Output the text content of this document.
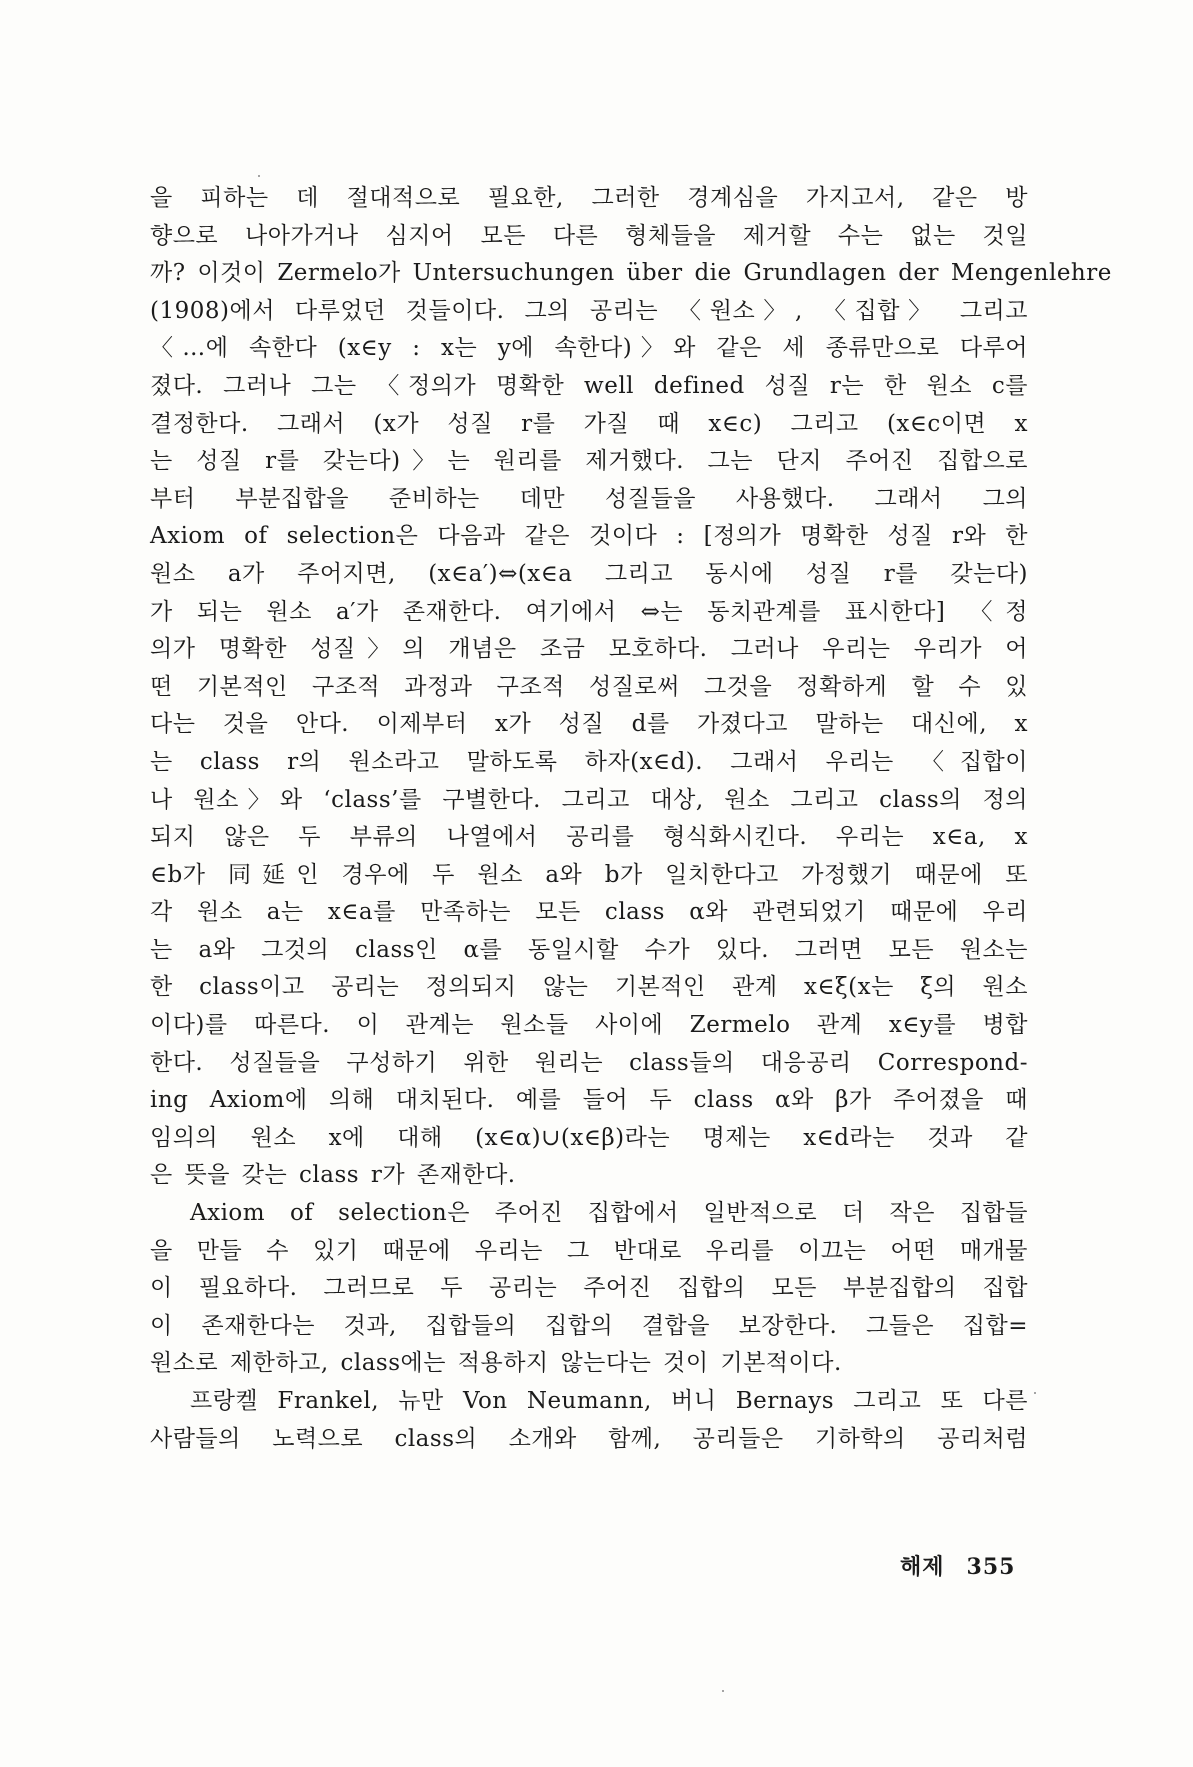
을 피하는 데 절대적으로 필요한, 그러한 경계심을 가지고서, 같은 방
향으로 나아가거나 심지어 모든 다른 형체들을 제거할 수는 없는 것일
까? 이것이 Zermelo가 Untersuchungen über die Grundlagen der Mengenlehre
(1908)에서 다루었던 것들이다. 그의 공리는 〈원소〉, 〈집합〉 그리고
〈…에 속한다 (x∈y : x는 y에 속한다)〉와 같은 세 종류만으로 다루어
졌다. 그러나 그는 〈정의가 명확한 well defined 성질 r는 한 원소 c를
결정한다. 그래서 (x가 성질 r를 가질 때 x∈c) 그리고 (x∈c이면 x
는 성질 r를 갖는다)〉는 원리를 제거했다. 그는 단지 주어진 집합으로
부터 부분집합을 준비하는 데만 성질들을 사용했다. 그래서 그의
Axiom of selection은 다음과 같은 것이다 : [정의가 명확한 성질 r와 한
원소 a가 주어지면, (x∈a′)⇔(x∈a 그리고 동시에 성질 r를 갖는다)
가 되는 원소 a′가 존재한다. 여기에서 ⇔는 동치관계를 표시한다] 〈정
의가 명확한 성질〉의 개념은 조금 모호하다. 그러나 우리는 우리가 어
떤 기본적인 구조적 과정과 구조적 성질로써 그것을 정확하게 할 수 있
다는 것을 안다. 이제부터 x가 성질 d를 가졌다고 말하는 대신에, x
는 class r의 원소라고 말하도록 하자(x∈d). 그래서 우리는 〈집합이
나 원소〉와 ‘class’를 구별한다. 그리고 대상, 원소 그리고 class의 정의
되지 않은 두 부류의 나열에서 공리를 형식화시킨다. 우리는 x∈a, x
∈b가 同延인 경우에 두 원소 a와 b가 일치한다고 가정했기 때문에 또
각 원소 a는 x∈a를 만족하는 모든 class α와 관련되었기 때문에 우리
는 a와 그것의 class인 α를 동일시할 수가 있다. 그러면 모든 원소는
한 class이고 공리는 정의되지 않는 기본적인 관계 x∈ξ(x는 ξ의 원소
이다)를 따른다. 이 관계는 원소들 사이에 Zermelo 관계 x∈y를 병합
한다. 성질들을 구성하기 위한 원리는 class들의 대응공리 Correspond-
ing Axiom에 의해 대치된다. 예를 들어 두 class α와 β가 주어졌을 때
임의의 원소 x에 대해 (x∈α)∪(x∈β)라는 명제는 x∈d라는 것과 같
은 뜻을 갖는 class r가 존재한다.
Axiom of selection은 주어진 집합에서 일반적으로 더 작은 집합들
을 만들 수 있기 때문에 우리는 그 반대로 우리를 이끄는 어떤 매개물
이 필요하다. 그러므로 두 공리는 주어진 집합의 모든 부분집합의 집합
이 존재한다는 것과, 집합들의 집합의 결합을 보장한다. 그들은 집합=
원소로 제한하고, class에는 적용하지 않는다는 것이 기본적이다.
프랑켈 Frankel, 뉴만 Von Neumann, 버니 Bernays 그리고 또 다른
사람들의 노력으로 class의 소개와 함께, 공리들은 기하학의 공리처럼
해제 355
